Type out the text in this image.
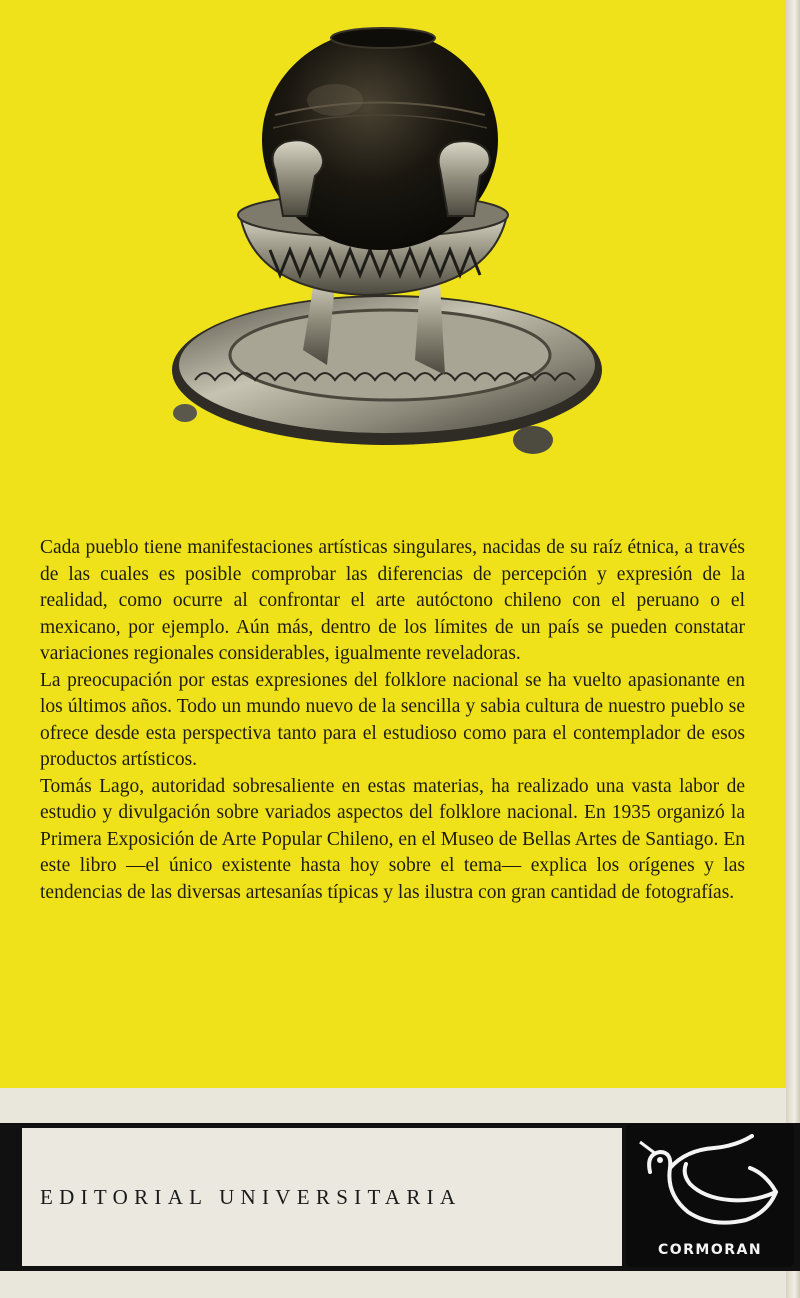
Cada pueblo tiene manifestaciones artísticas singulares, nacidas de su raíz étnica, a través de las cuales es posible comprobar las diferencias de percepción y expresión de la realidad, como ocurre al confrontar el arte autóctono chileno con el peruano o el mexicano, por ejemplo. Aún más, dentro de los límites de un país se pueden constatar variaciones regionales considerables, igualmente reveladoras.

La preocupación por estas expresiones del folklore nacional se ha vuelto apasionante en los últimos años. Todo un mundo nuevo de la sencilla y sabia cultura de nuestro pueblo se ofrece desde esta perspectiva tanto para el estudioso como para el contemplador de esos productos artísticos.

Tomás Lago, autoridad sobresaliente en estas materias, ha realizado una vasta labor de estudio y divulgación sobre variados aspectos del folklore nacional. En 1935 organizó la Primera Exposición de Arte Popular Chileno, en el Museo de Bellas Artes de Santiago. En este libro —el único existente hasta hoy sobre el tema— explica los orígenes y las tendencias de las diversas artesanías típicas y las ilustra con gran cantidad de fotografías.

EDITORIAL UNIVERSITARIA
CORMORAN
